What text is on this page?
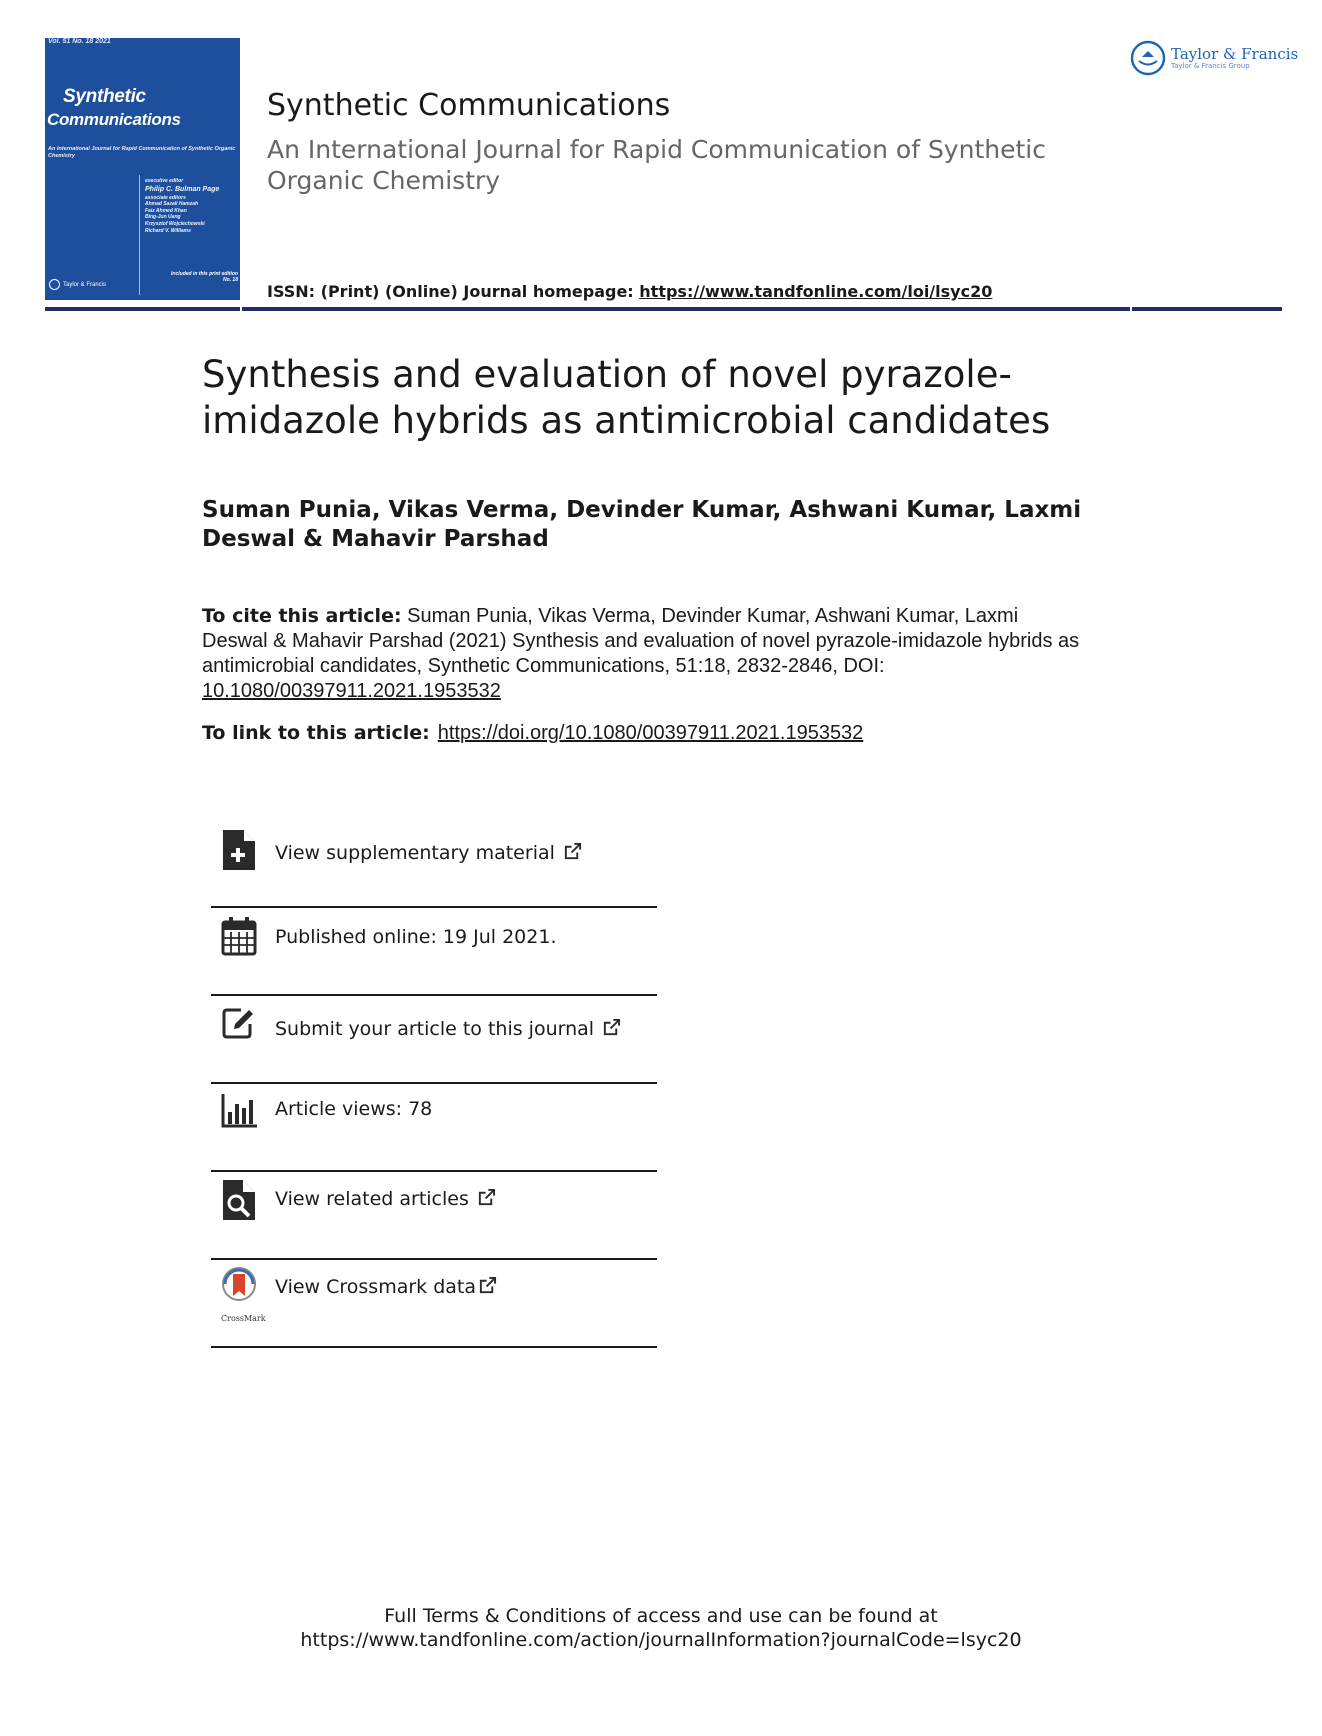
Vol. 51 No. 18 2021
Synthetic
Communications
An International Journal for Rapid Communication of Synthetic Organic Chemistry
executive editor
Philip C. Bulman Page
associate editors
Ahmad Sazali Hamzah
Faiz Ahmed Khan
Bing-Jun Uang
Krzysztof Wojciechowski
Richard V. Williams
Included in this print edition
No. 18
Taylor & Francis
Taylor & Francis
Taylor & Francis Group
Synthetic Communications
An International Journal for Rapid Communication of Synthetic Organic Chemistry
ISSN: (Print) (Online) Journal homepage: https://www.tandfonline.com/loi/lsyc20
Synthesis and evaluation of novel pyrazole-imidazole hybrids as antimicrobial candidates
Suman Punia, Vikas Verma, Devinder Kumar, Ashwani Kumar, Laxmi Deswal & Mahavir Parshad
To cite this article: Suman Punia, Vikas Verma, Devinder Kumar, Ashwani Kumar, Laxmi Deswal & Mahavir Parshad (2021) Synthesis and evaluation of novel pyrazole-imidazole hybrids as antimicrobial candidates, Synthetic Communications, 51:18, 2832-2846, DOI: 10.1080/00397911.2021.1953532
To link to this article: https://doi.org/10.1080/00397911.2021.1953532
View supplementary material
Published online: 19 Jul 2021.
Submit your article to this journal
Article views: 78
View related articles
CrossMark
View Crossmark data
Full Terms & Conditions of access and use can be found at
https://www.tandfonline.com/action/journalInformation?journalCode=lsyc20
